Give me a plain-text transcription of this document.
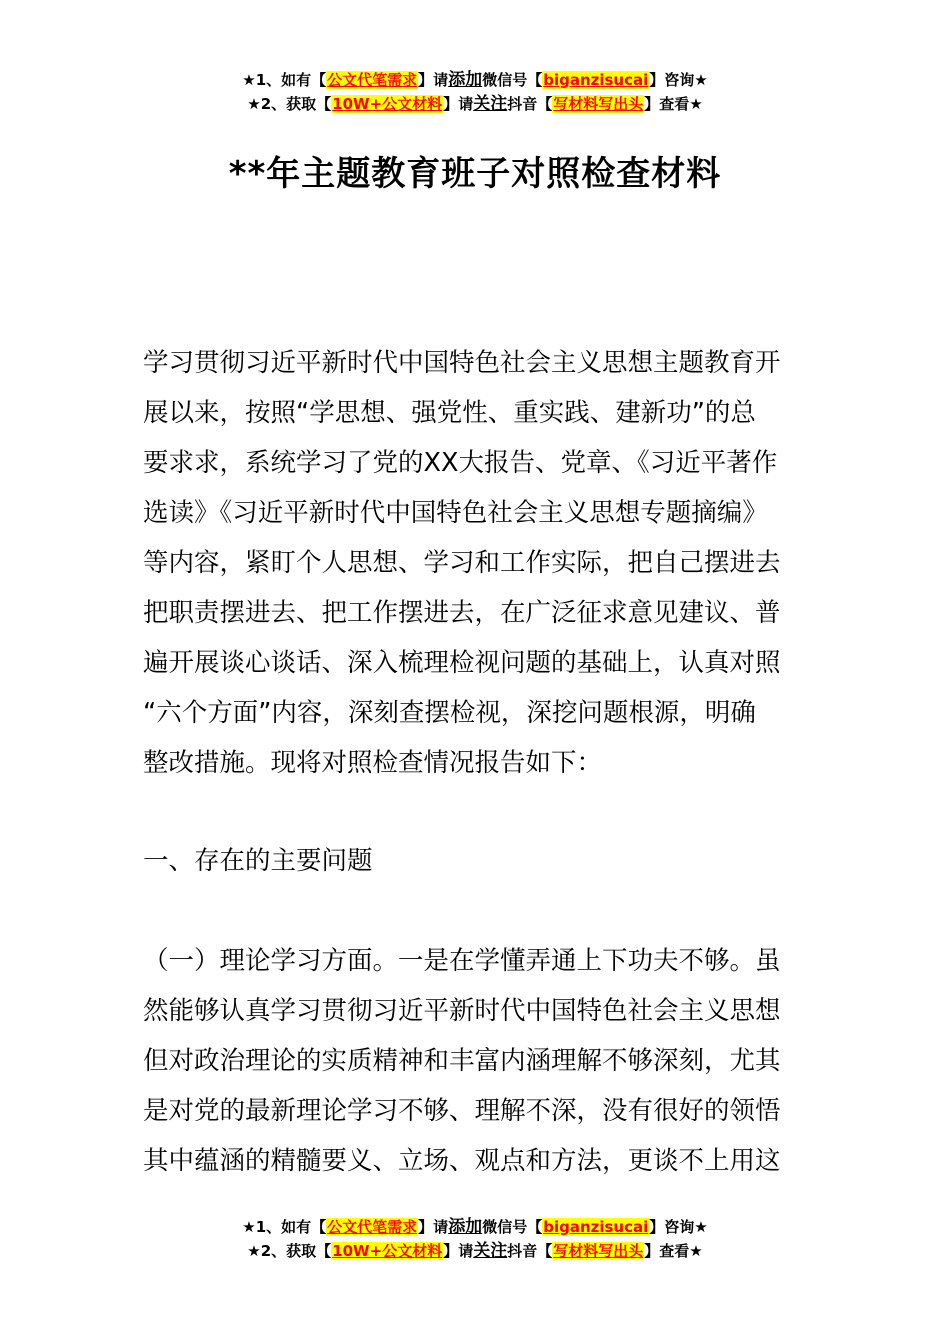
★1、如有【公文代笔需求】请添加微信号【biganzisucai】咨询★
★2、获取【10W+公文材料】请关注抖音【写材料写出头】查看★
**年主题教育班子对照检查材料
学习贯彻习近平新时代中国特色社会主义思想主题教育开
展以来，按照“学思想、强党性、重实践、建新功”的总
要求求，系统学习了党的XX大报告、党章、《习近平著作
选读》《习近平新时代中国特色社会主义思想专题摘编》
等内容，紧盯个人思想、学习和工作实际，把自己摆进去
把职责摆进去、把工作摆进去，在广泛征求意见建议、普
遍开展谈心谈话、深入梳理检视问题的基础上，认真对照
“六个方面”内容，深刻查摆检视，深挖问题根源，明确
整改措施。现将对照检查情况报告如下：
一、存在的主要问题
（一）理论学习方面。一是在学懂弄通上下功夫不够。虽
然能够认真学习贯彻习近平新时代中国特色社会主义思想
但对政治理论的实质精神和丰富内涵理解不够深刻，尤其
是对党的最新理论学习不够、理解不深，没有很好的领悟
其中蕴涵的精髓要义、立场、观点和方法，更谈不上用这
★1、如有【公文代笔需求】请添加微信号【biganzisucai】咨询★
★2、获取【10W+公文材料】请关注抖音【写材料写出头】查看★
